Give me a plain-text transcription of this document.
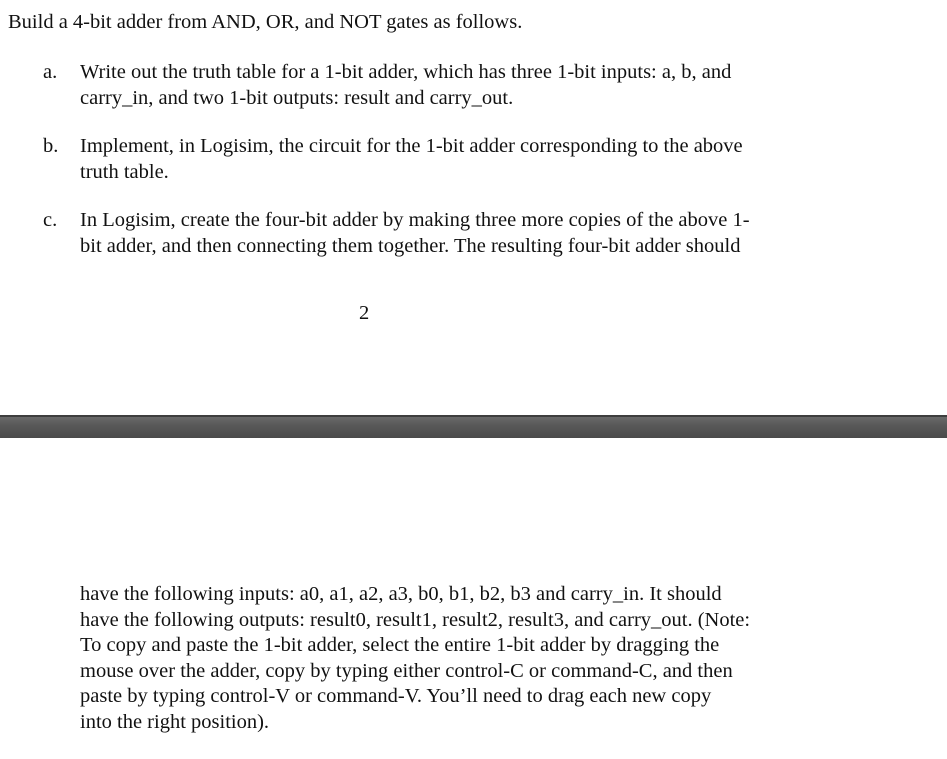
Build a 4-bit adder from AND, OR, and NOT gates as follows.
a.	Write out the truth table for a 1-bit adder, which has three 1-bit inputs: a, b, and
carry_in, and two 1-bit outputs: result and carry_out.
b.	Implement, in Logisim, the circuit for the 1-bit adder corresponding to the above
truth table.
c.	In Logisim, create the four-bit adder by making three more copies of the above 1-
bit adder, and then connecting them together. The resulting four-bit adder should
2
have the following inputs: a0, a1, a2, a3, b0, b1, b2, b3 and carry_in. It should
have the following outputs: result0, result1, result2, result3, and carry_out. (Note:
To copy and paste the 1-bit adder, select the entire 1-bit adder by dragging the
mouse over the adder, copy by typing either control-C or command-C, and then
paste by typing control-V or command-V. You’ll need to drag each new copy
into the right position).
